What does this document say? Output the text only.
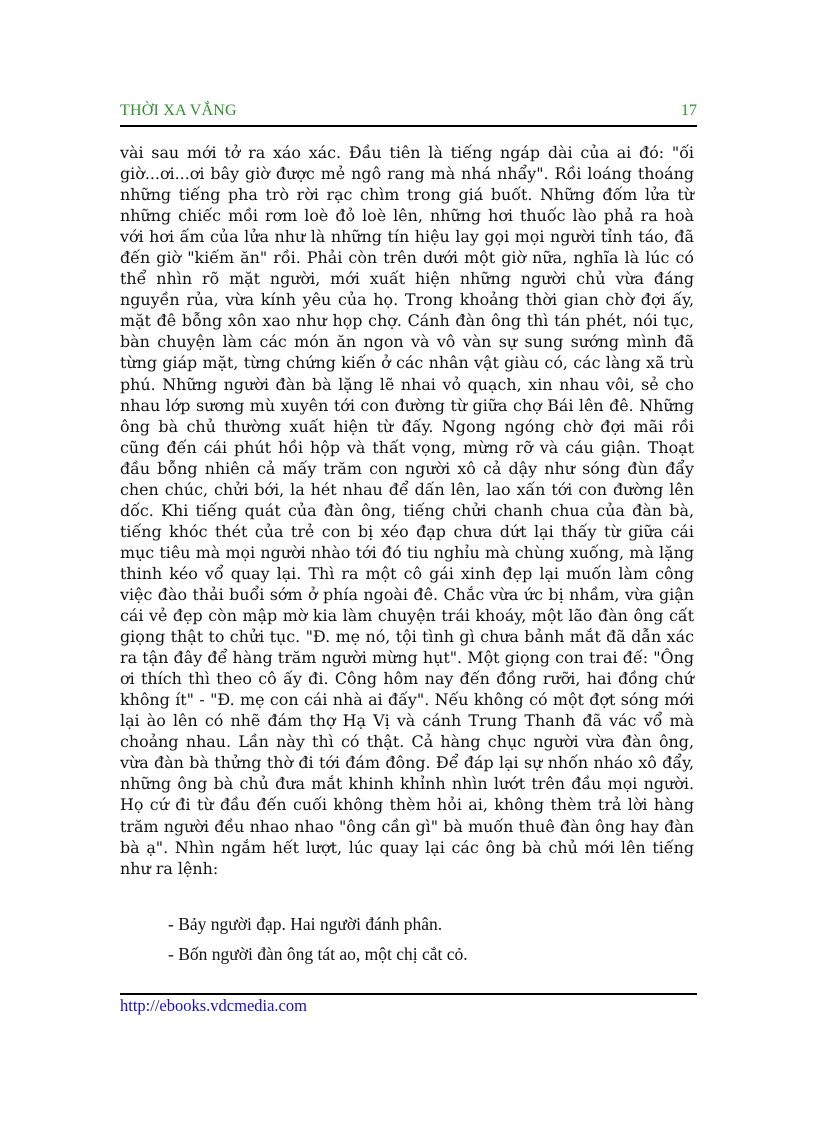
THỜI XA VẮNG	17

vài sau mới tở ra xáo xác. Đầu tiên là tiếng ngáp dài của ai đó: "ối giờ...ơi...ơi bây giờ được mẻ ngô rang mà nhá nhẩy". Rồi loáng thoáng những tiếng pha trò rời rạc chìm trong giá buốt. Những đốm lửa từ những chiếc mồi rơm loè đỏ loè lên, những hơi thuốc lào phả ra hoà với hơi ấm của lửa như là những tín hiệu lay gọi mọi người tỉnh táo, đã đến giờ "kiếm ăn" rồi. Phải còn trên dưới một giờ nữa, nghĩa là lúc có thể nhìn rõ mặt người, mới xuất hiện những người chủ vừa đáng nguyền rủa, vừa kính yêu của họ. Trong khoảng thời gian chờ đợi ấy, mặt đê bỗng xôn xao như họp chợ. Cánh đàn ông thì tán phét, nói tục, bàn chuyện làm các món ăn ngon và vô vàn sự sung sướng mình đã từng giáp mặt, từng chứng kiến ở các nhân vật giàu có, các làng xã trù phú. Những người đàn bà lặng lẽ nhai vỏ quạch, xin nhau vôi, sẻ cho nhau lớp sương mù xuyên tới con đường từ giữa chợ Bái lên đê. Những ông bà chủ thường xuất hiện từ đấy. Ngong ngóng chờ đợi mãi rồi cũng đến cái phút hồi hộp và thất vọng, mừng rỡ và cáu giận. Thoạt đầu bỗng nhiên cả mấy trăm con người xô cả dậy như sóng đùn đẩy chen chúc, chửi bới, la hét nhau để dấn lên, lao xấn tới con đường lên dốc. Khi tiếng quát của đàn ông, tiếng chửi chanh chua của đàn bà, tiếng khóc thét của trẻ con bị xéo đạp chưa dứt lại thấy từ giữa cái mục tiêu mà mọi người nhào tới đó tiu nghỉu mà chùng xuống, mà lặng thinh kéo vổ quay lại. Thì ra một cô gái xinh đẹp lại muốn làm công việc đào thải buổi sớm ở phía ngoài đê. Chắc vừa ức bị nhầm, vừa giận cái vẻ đẹp còn mập mờ kia làm chuyện trái khoáy, một lão đàn ông cất giọng thật to chửi tục. "Đ. mẹ nó, tội tình gì chưa bảnh mắt đã dẫn xác ra tận đây để hàng trăm người mừng hụt". Một giọng con trai đế: "Ông ơi thích thì theo cô ấy đi. Công hôm nay đến đồng rưỡi, hai đồng chứ không ít" - "Đ. mẹ con cái nhà ai đấy". Nếu không có một đợt sóng mới lại ào lên có nhẽ đám thợ Hạ Vị và cánh Trung Thanh đã vác vổ mà choảng nhau. Lần này thì có thật. Cả hàng chục người vừa đàn ông, vừa đàn bà thửng thờ đi tới đám đông. Để đáp lại sự nhốn nháo xô đẩy, những ông bà chủ đưa mắt khinh khỉnh nhìn lướt trên đầu mọi người. Họ cứ đi từ đầu đến cuối không thèm hỏi ai, không thèm trả lời hàng trăm người đều nhao nhao "ông cần gì" bà muốn thuê đàn ông hay đàn bà ạ". Nhìn ngắm hết lượt, lúc quay lại các ông bà chủ mới lên tiếng như ra lệnh:

- Bảy người đạp. Hai người đánh phân.

- Bốn người đàn ông tát ao, một chị cắt cỏ.

http://ebooks.vdcmedia.com
